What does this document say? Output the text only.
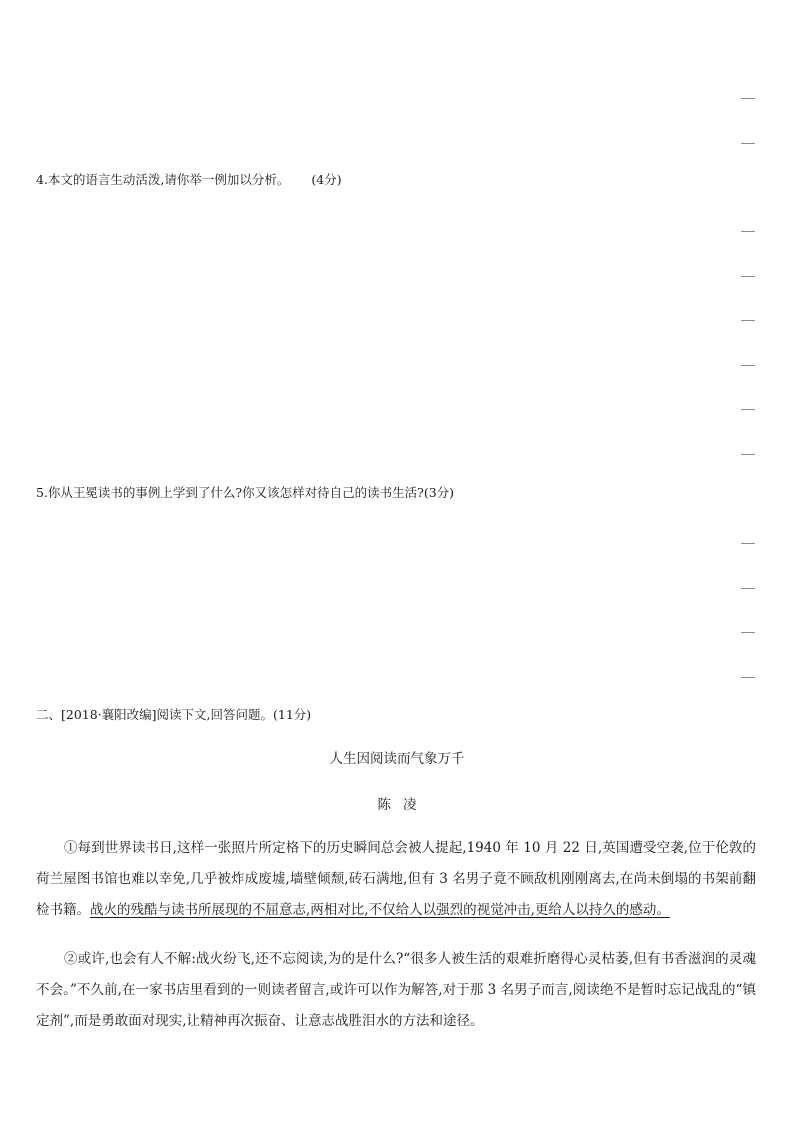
4.本文的语言生动活泼,请你举一例加以分析。 (4分)
5.你从王冕读书的事例上学到了什么?你又该怎样对待自己的读书生活?(3分)
二、[2018·襄阳改编]阅读下文,回答问题。(11分)
人生因阅读而气象万千
陈凌

①每到世界读书日,这样一张照片所定格下的历史瞬间总会被人提起,1940 年 10 月 22 日,英国遭受空袭,位于伦敦的荷兰屋图书馆也难以幸免,几乎被炸成废墟,墙壁倾颓,砖石满地,但有 3 名男子竟不顾敌机刚刚离去,在尚未倒塌的书架前翻检书籍。战火的残酷与读书所展现的不屈意志,两相对比,不仅给人以强烈的视觉冲击,更给人以持久的感动。

②或许,也会有人不解:战火纷飞,还不忘阅读,为的是什么?“很多人被生活的艰难折磨得心灵枯萎,但有书香滋润的灵魂不会。”不久前,在一家书店里看到的一则读者留言,或许可以作为解答,对于那 3 名男子而言,阅读绝不是暂时忘记战乱的“镇定剂”,而是勇敢面对现实,让精神再次振奋、让意志战胜泪水的方法和途径。
